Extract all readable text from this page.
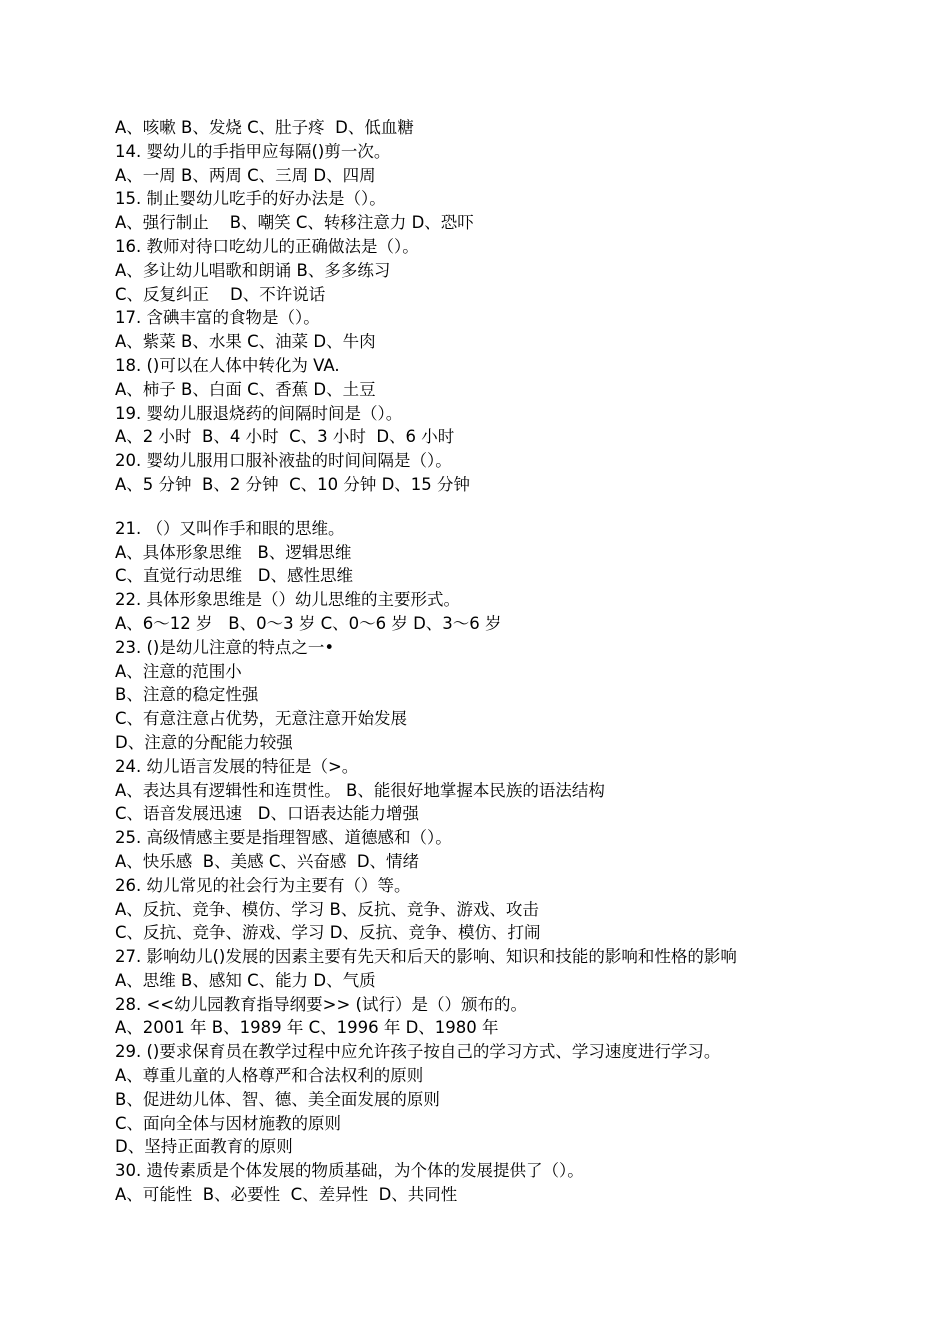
A、咳嗽 B、发烧 C、肚子疼  D、低血糖
14. 婴幼儿的手指甲应每隔()剪一次。
A、一周 B、两周 C、三周 D、四周
15. 制止婴幼儿吃手的好办法是（）。
A、强行制止    B、嘲笑 C、转移注意力 D、恐吓
16. 教师对待口吃幼儿的正确做法是（）。
A、多让幼儿唱歌和朗诵 B、多多练习
C、反复纠正    D、不许说话
17. 含碘丰富的食物是（）。
A、紫菜 B、水果 C、油菜 D、牛肉
18. ()可以在人体中转化为 VA.
A、柿子 B、白面 C、香蕉 D、土豆
19. 婴幼儿服退烧药的间隔时间是（）。
A、2 小时  B、4 小时  C、3 小时  D、6 小时
20. 婴幼儿服用口服补液盐的时间间隔是（）。
A、5 分钟  B、2 分钟  C、10 分钟 D、15 分钟
21. （）又叫作手和眼的思维。
A、具体形象思维   B、逻辑思维
C、直觉行动思维   D、感性思维
22. 具体形象思维是（）幼儿思维的主要形式。
A、6〜12 岁   B、0〜3 岁 C、0〜6 岁 D、3〜6 岁
23. ()是幼儿注意的特点之一•
A、注意的范围小
B、注意的稳定性强
C、有意注意占优势，无意注意开始发展
D、注意的分配能力较强
24. 幼儿语言发展的特征是（>。
A、表达具有逻辑性和连贯性。 B、能很好地掌握本民族的语法结构
C、语音发展迅速   D、口语表达能力增强
25. 高级情感主要是指理智感、道德感和（）。
A、快乐感  B、美感 C、兴奋感  D、情绪
26. 幼儿常见的社会行为主要有（）等。
A、反抗、竞争、模仿、学习 B、反抗、竞争、游戏、攻击
C、反抗、竞争、游戏、学习 D、反抗、竞争、模仿、打闹
27. 影响幼儿()发展的因素主要有先天和后天的影响、知识和技能的影响和性格的影响
A、思维 B、感知 C、能力 D、气质
28. <<幼儿园教育指导纲要>> (试行）是（）颁布的。
A、2001 年 B、1989 年 C、1996 年 D、1980 年
29. ()要求保育员在教学过程中应允许孩子按自己的学习方式、学习速度进行学习。
A、尊重儿童的人格尊严和合法权利的原则
B、促进幼儿体、智、德、美全面发展的原则
C、面向全体与因材施教的原则
D、坚持正面教育的原则
30. 遗传素质是个体发展的物质基础，为个体的发展提供了（）。
A、可能性  B、必要性  C、差异性  D、共同性
